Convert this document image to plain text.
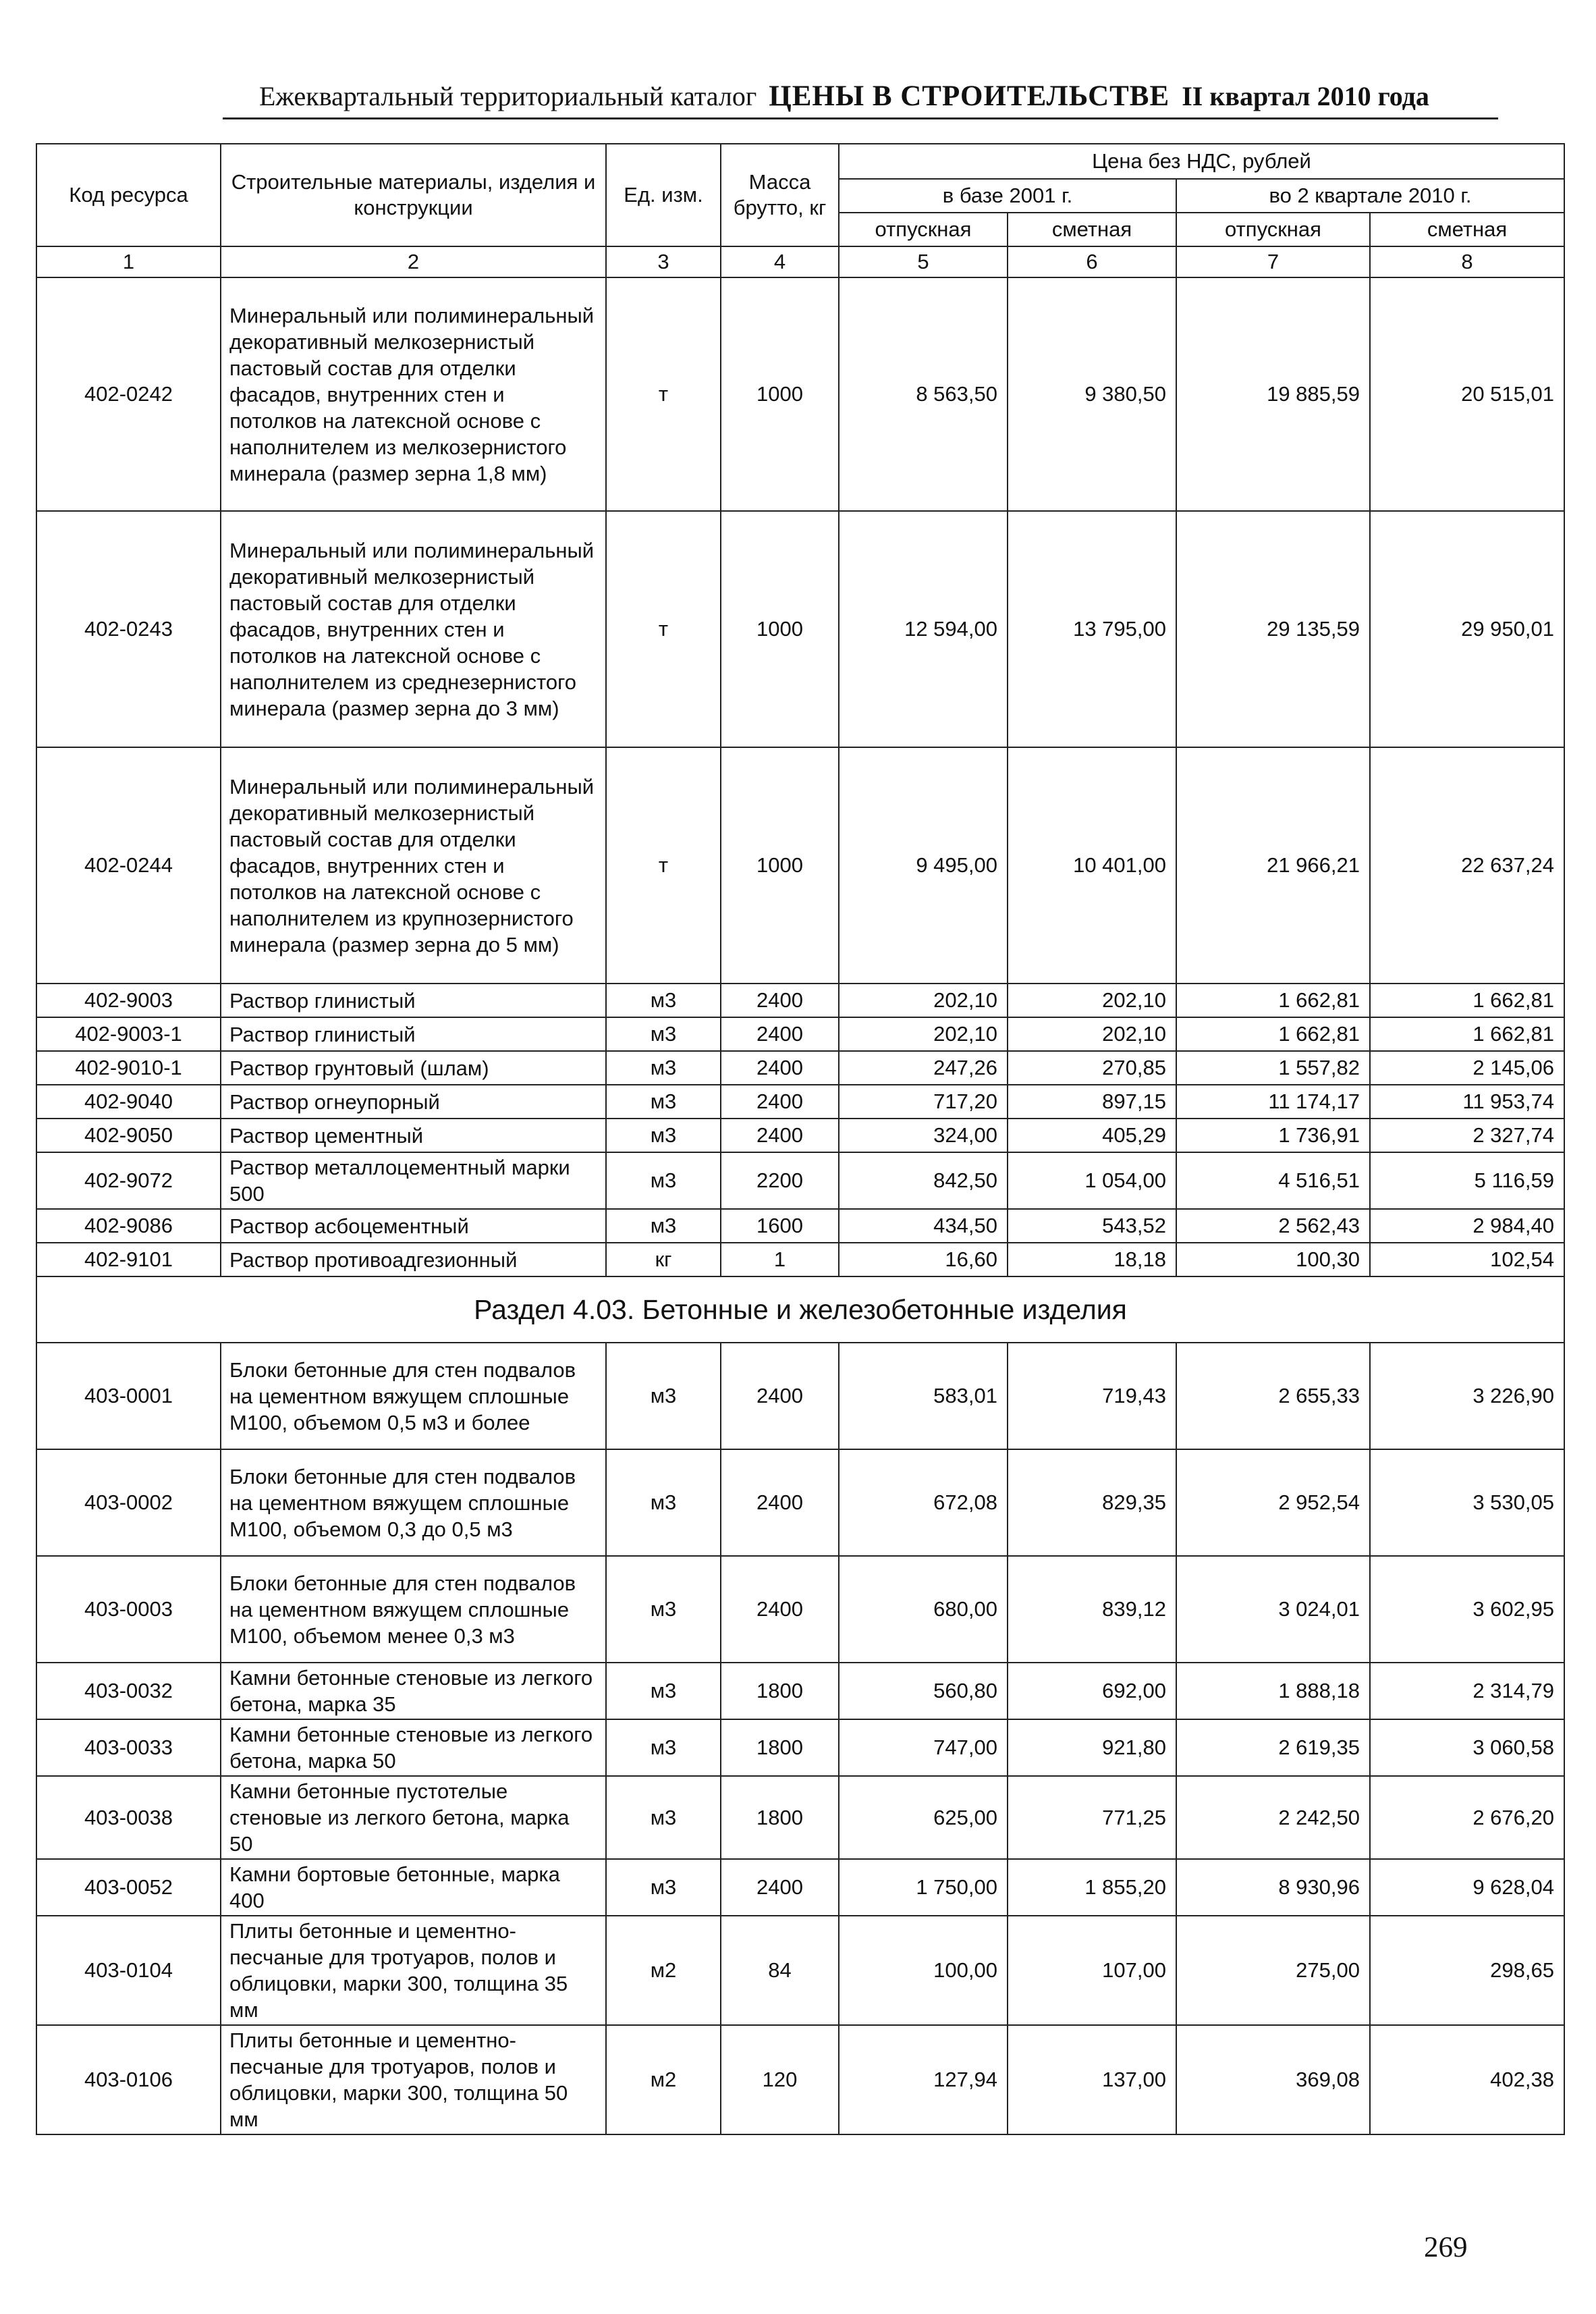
Ежеквартальный территориальный каталог ЦЕНЫ В СТРОИТЕЛЬСТВЕ II квартал 2010 года
Код ресурса	Строительные материалы, изделия и конструкции	Ед. изм.	Масса брутто, кг	Цена без НДС, рублей			
				в базе 2001 г.		во 2 квартале 2010 г.	
				отпускная	сметная	отпускная	сметная
1	2	3	4	5	6	7	8
402-0242	Минеральный или полиминеральный декоративный мелкозернистый пастовый состав для отделки фасадов, внутренних стен и потолков на латексной основе с наполнителем из мелкозернистого минерала (размер зерна 1,8 мм)	т	1000	8 563,50	9 380,50	19 885,59	20 515,01
402-0243	Минеральный или полиминеральный декоративный мелкозернистый пастовый состав для отделки фасадов, внутренних стен и потолков на латексной основе с наполнителем из среднезернистого минерала (размер зерна до 3 мм)	т	1000	12 594,00	13 795,00	29 135,59	29 950,01
402-0244	Минеральный или полиминеральный декоративный мелкозернистый пастовый состав для отделки фасадов, внутренних стен и потолков на латексной основе с наполнителем из крупнозернистого минерала (размер зерна до 5 мм)	т	1000	9 495,00	10 401,00	21 966,21	22 637,24
402-9003	Раствор глинистый	м3	2400	202,10	202,10	1 662,81	1 662,81
402-9003-1	Раствор глинистый	м3	2400	202,10	202,10	1 662,81	1 662,81
402-9010-1	Раствор грунтовый (шлам)	м3	2400	247,26	270,85	1 557,82	2 145,06
402-9040	Раствор огнеупорный	м3	2400	717,20	897,15	11 174,17	11 953,74
402-9050	Раствор цементный	м3	2400	324,00	405,29	1 736,91	2 327,74
402-9072	Раствор металлоцементный марки 500	м3	2200	842,50	1 054,00	4 516,51	5 116,59
402-9086	Раствор асбоцементный	м3	1600	434,50	543,52	2 562,43	2 984,40
402-9101	Раствор противоадгезионный	кг	1	16,60	18,18	100,30	102,54
Раздел 4.03. Бетонные и железобетонные изделия							
403-0001	Блоки бетонные для стен подвалов на цементном вяжущем сплошные М100, объемом 0,5 м3 и более	м3	2400	583,01	719,43	2 655,33	3 226,90
403-0002	Блоки бетонные для стен подвалов на цементном вяжущем сплошные М100, объемом 0,3 до 0,5 м3	м3	2400	672,08	829,35	2 952,54	3 530,05
403-0003	Блоки бетонные для стен подвалов на цементном вяжущем сплошные М100, объемом менее 0,3 м3	м3	2400	680,00	839,12	3 024,01	3 602,95
403-0032	Камни бетонные стеновые из легкого бетона, марка 35	м3	1800	560,80	692,00	1 888,18	2 314,79
403-0033	Камни бетонные стеновые из легкого бетона, марка 50	м3	1800	747,00	921,80	2 619,35	3 060,58
403-0038	Камни бетонные пустотелые стеновые из легкого бетона, марка 50	м3	1800	625,00	771,25	2 242,50	2 676,20
403-0052	Камни бортовые бетонные, марка 400	м3	2400	1 750,00	1 855,20	8 930,96	9 628,04
403-0104	Плиты бетонные и цементно-песчаные для тротуаров, полов и облицовки, марки 300, толщина 35 мм	м2	84	100,00	107,00	275,00	298,65
403-0106	Плиты бетонные и цементно-песчаные для тротуаров, полов и облицовки, марки 300, толщина 50 мм	м2	120	127,94	137,00	369,08	402,38
269
